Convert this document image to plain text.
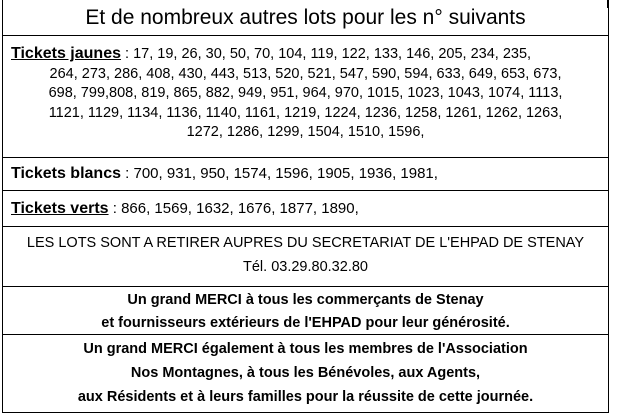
Et de nombreux autres lots pour les n° suivants
Tickets jaunes : 17, 19, 26, 30, 50, 70, 104, 119, 122, 133, 146, 205, 234, 235,
264, 273, 286, 408, 430, 443, 513, 520, 521, 547, 590, 594, 633, 649, 653, 673,
698, 799,808, 819, 865, 882, 949, 951, 964, 970, 1015, 1023, 1043, 1074, 1113,
1121, 1129, 1134, 1136, 1140, 1161, 1219, 1224, 1236, 1258, 1261, 1262, 1263,
1272, 1286, 1299, 1504, 1510, 1596,
Tickets blancs : 700, 931, 950, 1574, 1596, 1905, 1936, 1981,
Tickets verts : 866, 1569, 1632, 1676, 1877, 1890,
LES LOTS SONT A RETIRER AUPRES DU SECRETARIAT DE L'EHPAD DE STENAY
Tél. 03.29.80.32.80
Un grand MERCI à tous les commerçants de Stenay
et fournisseurs extérieurs de l'EHPAD pour leur générosité.
Un grand MERCI également à tous les membres de l'Association
Nos Montagnes, à tous les Bénévoles, aux Agents,
aux Résidents et à leurs familles pour la réussite de cette journée.
